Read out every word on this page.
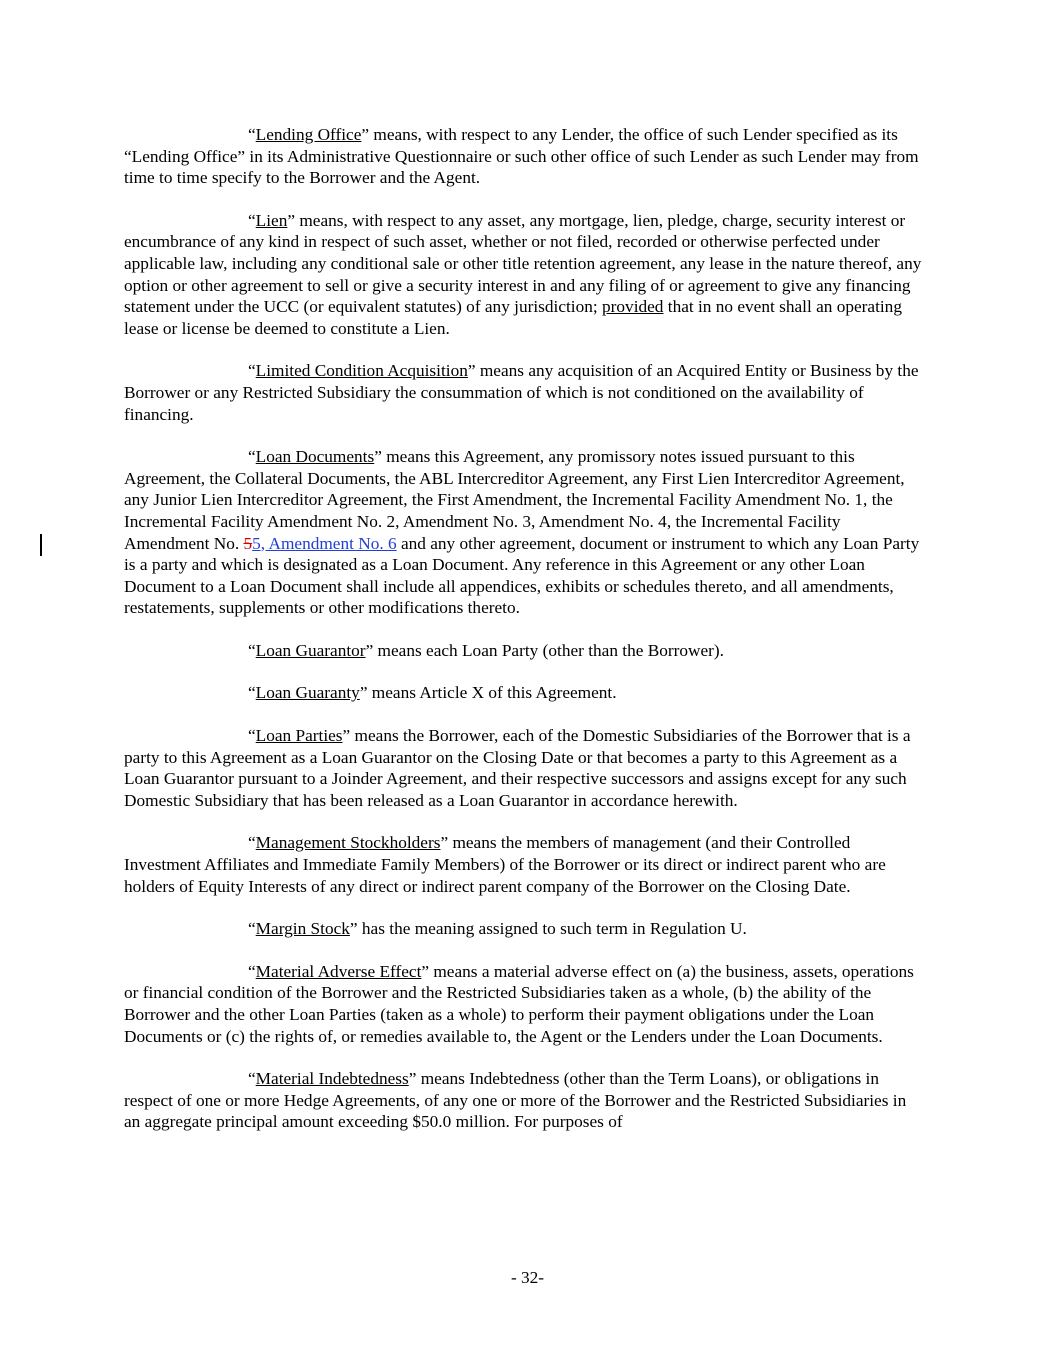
“Lending Office” means, with respect to any Lender, the office of such Lender specified as its “Lending Office” in its Administrative Questionnaire or such other office of such Lender as such Lender may from time to time specify to the Borrower and the Agent.

“Lien” means, with respect to any asset, any mortgage, lien, pledge, charge, security interest or encumbrance of any kind in respect of such asset, whether or not filed, recorded or otherwise perfected under applicable law, including any conditional sale or other title retention agreement, any lease in the nature thereof, any option or other agreement to sell or give a security interest in and any filing of or agreement to give any financing statement under the UCC (or equivalent statutes) of any jurisdiction; provided that in no event shall an operating lease or license be deemed to constitute a Lien.

“Limited Condition Acquisition” means any acquisition of an Acquired Entity or Business by the Borrower or any Restricted Subsidiary the consummation of which is not conditioned on the availability of financing.

“Loan Documents” means this Agreement, any promissory notes issued pursuant to this Agreement, the Collateral Documents, the ABL Intercreditor Agreement, any First Lien Intercreditor Agreement, any Junior Lien Intercreditor Agreement, the First Amendment, the Incremental Facility Amendment No. 1, the Incremental Facility Amendment No. 2, Amendment No. 3, Amendment No. 4, the Incremental Facility Amendment No. 55, Amendment No. 6 and any other agreement, document or instrument to which any Loan Party is a party and which is designated as a Loan Document. Any reference in this Agreement or any other Loan Document to a Loan Document shall include all appendices, exhibits or schedules thereto, and all amendments, restatements, supplements or other modifications thereto.

“Loan Guarantor” means each Loan Party (other than the Borrower).

“Loan Guaranty” means Article X of this Agreement.

“Loan Parties” means the Borrower, each of the Domestic Subsidiaries of the Borrower that is a party to this Agreement as a Loan Guarantor on the Closing Date or that becomes a party to this Agreement as a Loan Guarantor pursuant to a Joinder Agreement, and their respective successors and assigns except for any such Domestic Subsidiary that has been released as a Loan Guarantor in accordance herewith.

“Management Stockholders” means the members of management (and their Controlled Investment Affiliates and Immediate Family Members) of the Borrower or its direct or indirect parent who are holders of Equity Interests of any direct or indirect parent company of the Borrower on the Closing Date.

“Margin Stock” has the meaning assigned to such term in Regulation U.

“Material Adverse Effect” means a material adverse effect on (a) the business, assets, operations or financial condition of the Borrower and the Restricted Subsidiaries taken as a whole, (b) the ability of the Borrower and the other Loan Parties (taken as a whole) to perform their payment obligations under the Loan Documents or (c) the rights of, or remedies available to, the Agent or the Lenders under the Loan Documents.

“Material Indebtedness” means Indebtedness (other than the Term Loans), or obligations in respect of one or more Hedge Agreements, of any one or more of the Borrower and the Restricted Subsidiaries in an aggregate principal amount exceeding $50.0 million. For purposes of

- 32-
